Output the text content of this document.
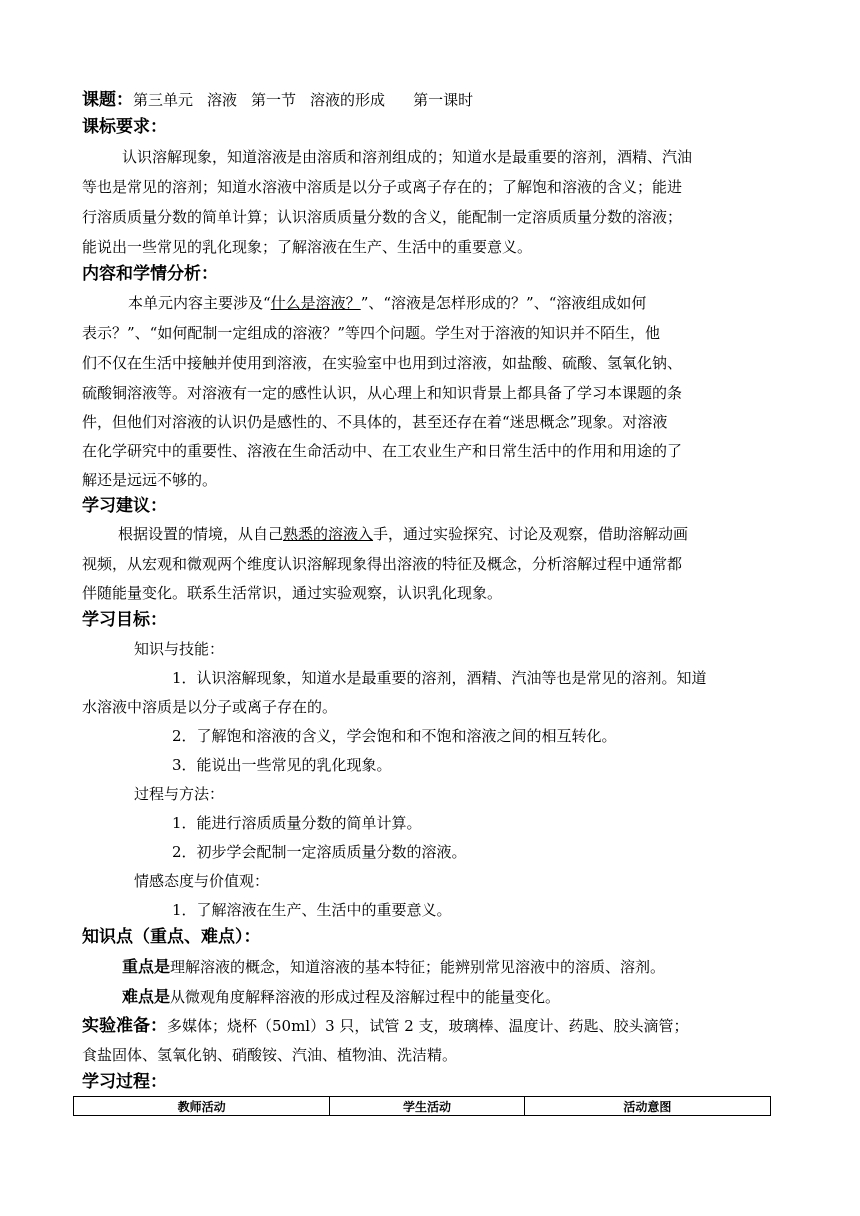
课题：第三单元 溶液 第一节 溶液的形成 第一课时
课标要求：
认识溶解现象，知道溶液是由溶质和溶剂组成的；知道水是最重要的溶剂，酒精、汽油
等也是常见的溶剂；知道水溶液中溶质是以分子或离子存在的；了解饱和溶液的含义；能进
行溶质质量分数的简单计算；认识溶质质量分数的含义，能配制一定溶质质量分数的溶液；
能说出一些常见的乳化现象；了解溶液在生产、生活中的重要意义。
内容和学情分析：
本单元内容主要涉及“什么是溶液？”、“溶液是怎样形成的？”、“溶液组成如何
表示？”、“如何配制一定组成的溶液？”等四个问题。学生对于溶液的知识并不陌生，他
们不仅在生活中接触并使用到溶液，在实验室中也用到过溶液，如盐酸、硫酸、氢氧化钠、
硫酸铜溶液等。对溶液有一定的感性认识，从心理上和知识背景上都具备了学习本课题的条
件，但他们对溶液的认识仍是感性的、不具体的，甚至还存在着“迷思概念”现象。对溶液
在化学研究中的重要性、溶液在生命活动中、在工农业生产和日常生活中的作用和用途的了
解还是远远不够的。
学习建议：
根据设置的情境，从自己熟悉的溶液入手，通过实验探究、讨论及观察，借助溶解动画
视频，从宏观和微观两个维度认识溶解现象得出溶液的特征及概念，分析溶解过程中通常都
伴随能量变化。联系生活常识，通过实验观察，认识乳化现象。
学习目标：
知识与技能：
1．认识溶解现象，知道水是最重要的溶剂，酒精、汽油等也是常见的溶剂。知道
水溶液中溶质是以分子或离子存在的。
2．了解饱和溶液的含义，学会饱和和不饱和溶液之间的相互转化。
3．能说出一些常见的乳化现象。
过程与方法：
1．能进行溶质质量分数的简单计算。
2．初步学会配制一定溶质质量分数的溶液。
情感态度与价值观：
1．了解溶液在生产、生活中的重要意义。
知识点（重点、难点）：
重点是理解溶液的概念，知道溶液的基本特征；能辨别常见溶液中的溶质、溶剂。
难点是从微观角度解释溶液的形成过程及溶解过程中的能量变化。
实验准备：多媒体；烧杯（50ml）3 只，试管 2 支，玻璃棒、温度计、药匙、胶头滴管；
食盐固体、氢氧化钠、硝酸铵、汽油、植物油、洗洁精。
学习过程：
教师活动	学生活动	活动意图
